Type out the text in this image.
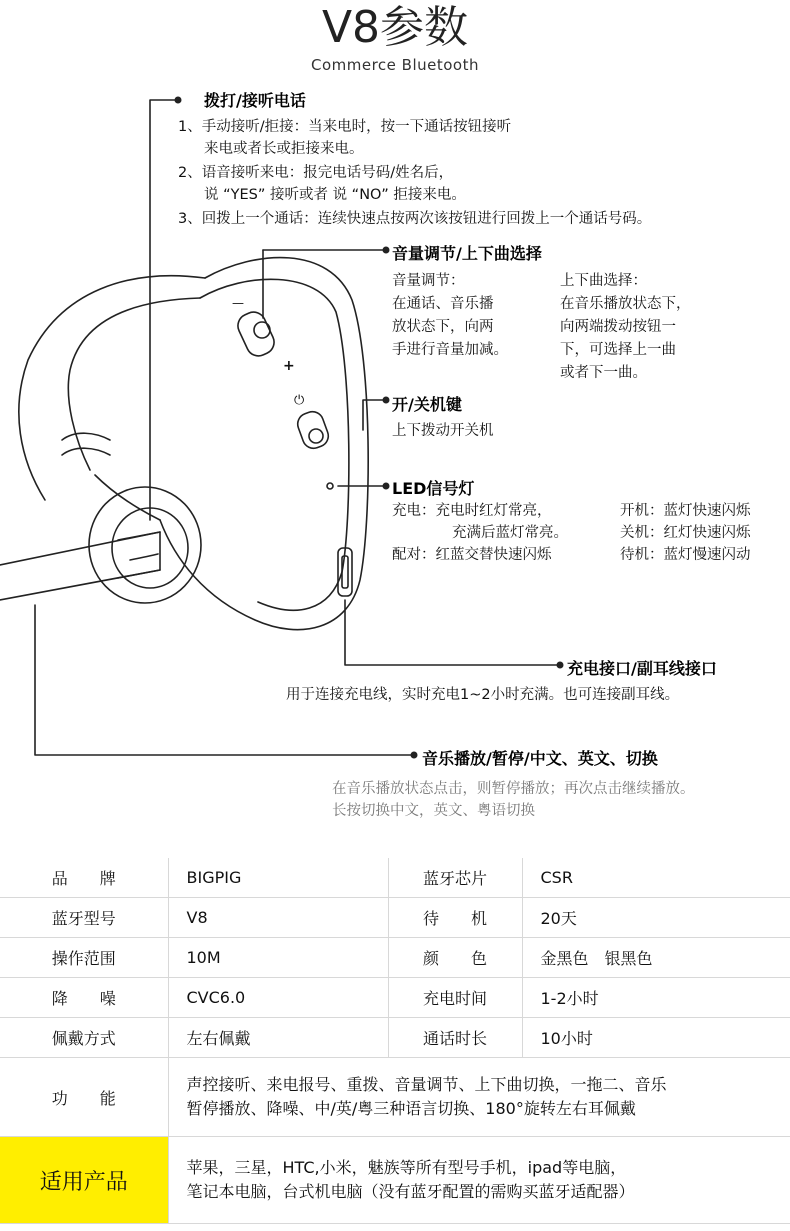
V8参数
Commerce Bluetooth
—
+
⏻
拨打/接听电话
1、手动接听/拒接：当来电时，按一下通话按钮接听
来电或者长或拒接来电。
2、语音接听来电：报完电话号码/姓名后，
说 “YES” 接听或者 说 “NO” 拒接来电。
3、回拨上一个通话：连续快速点按两次该按钮进行回拨上一个通话号码。
音量调节/上下曲选择
音量调节：
在通话、音乐播
放状态下，向两
手进行音量加减。
上下曲选择：
在音乐播放状态下，
向两端拨动按钮一
下，可选择上一曲
或者下一曲。
开/关机键
上下拨动开关机
LED信号灯
充电：充电时红灯常亮，
充满后蓝灯常亮。
配对：红蓝交替快速闪烁
开机：蓝灯快速闪烁
关机：红灯快速闪烁
待机：蓝灯慢速闪动
充电接口/副耳线接口
用于连接充电线，实时充电1~2小时充满。也可连接副耳线。
音乐播放/暂停/中文、英文、切换
在音乐播放状态点击，则暂停播放；再次点击继续播放。
长按切换中文，英文、粤语切换
品　　牌	BIGPIG	蓝牙芯片	CSR
蓝牙型号	V8	待　　机	20天
操作范围	10M	颜　　色	金黑色　银黑色
降　　噪	CVC6.0	充电时间	1-2小时
佩戴方式	左右佩戴	通话时长	10小时
功　　能	声控接听、来电报号、重拨、音量调节、上下曲切换，一拖二、音乐
暂停播放、降噪、中/英/粤三种语言切换、180°旋转左右耳佩戴		

适用产品	苹果，三星，HTC,小米，魅族等所有型号手机，ipad等电脑，
笔记本电脑，台式机电脑（没有蓝牙配置的需购买蓝牙适配器）		
